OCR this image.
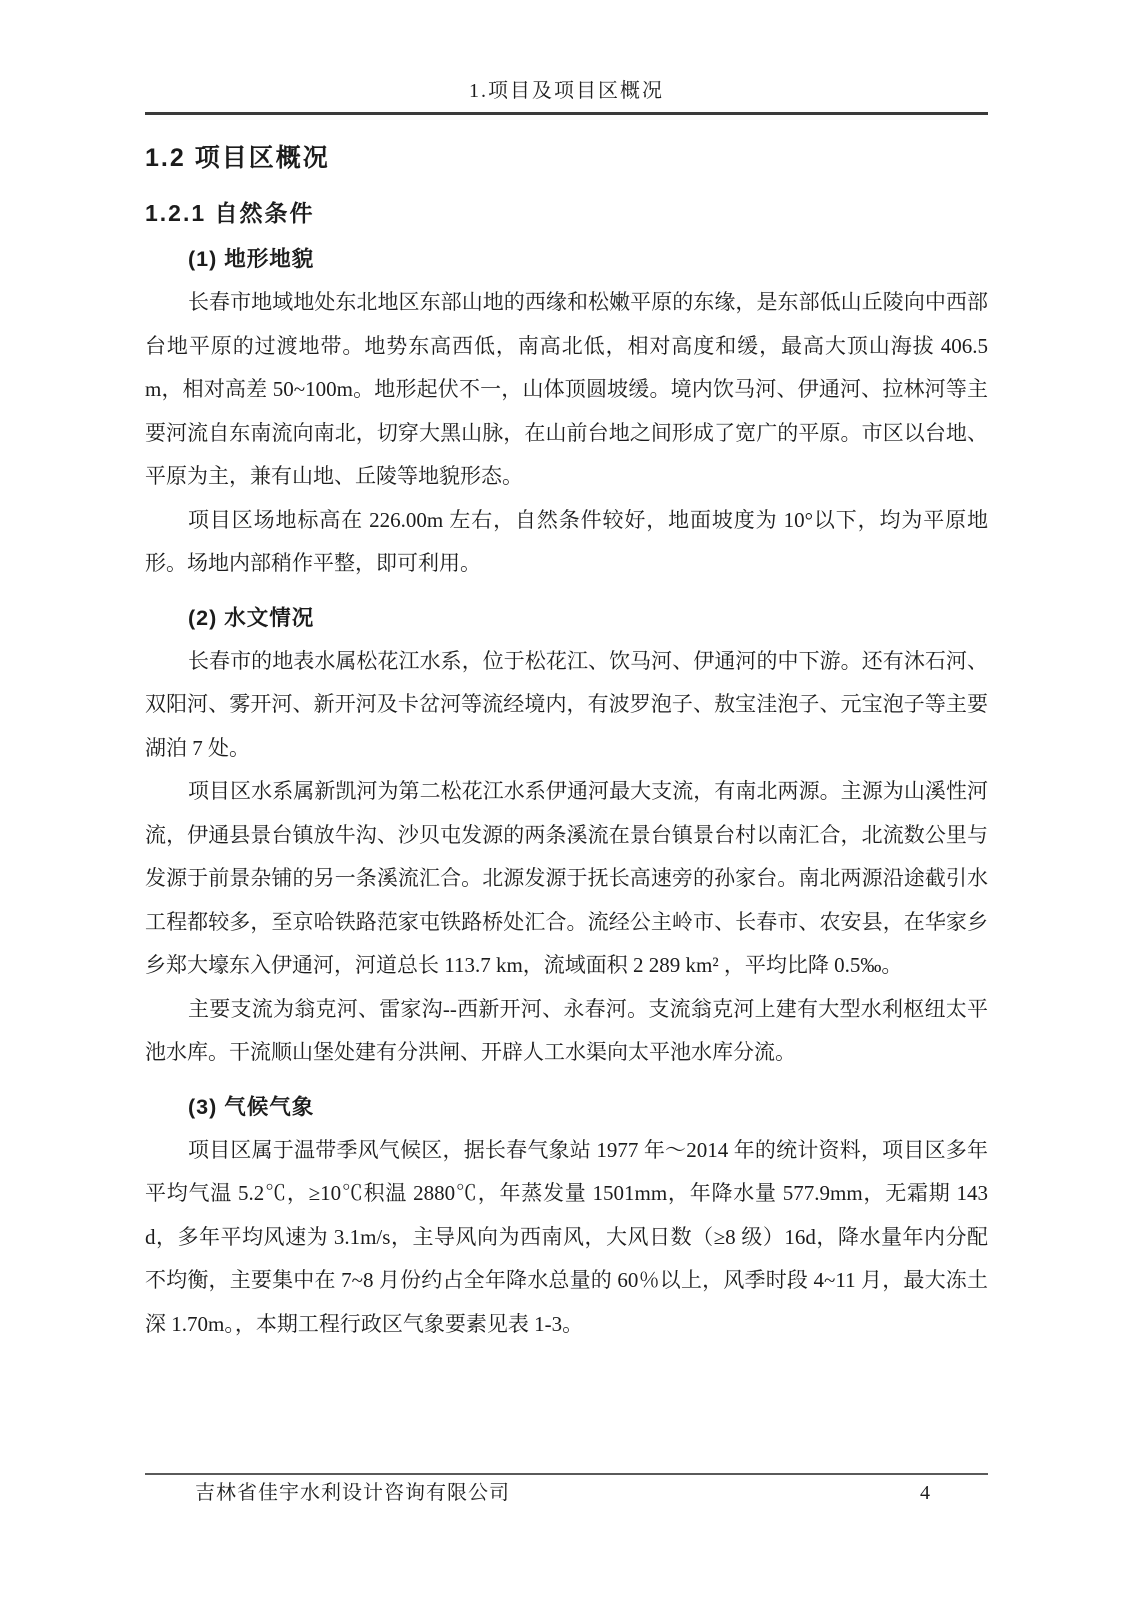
1.项目及项目区概况
1.2 项目区概况
1.2.1 自然条件
(1) 地形地貌

长春市地域地处东北地区东部山地的西缘和松嫩平原的东缘，是东部低山丘陵向中西部台地平原的过渡地带。地势东高西低，南高北低，相对高度和缓，最高大顶山海拔 406.5m，相对高差 50~100m。地形起伏不一，山体顶圆坡缓。境内饮马河、伊通河、拉林河等主要河流自东南流向南北，切穿大黑山脉，在山前台地之间形成了宽广的平原。市区以台地、平原为主，兼有山地、丘陵等地貌形态。

项目区场地标高在 226.00m 左右，自然条件较好，地面坡度为 10°以下，均为平原地形。场地内部稍作平整，即可利用。

(2) 水文情况

长春市的地表水属松花江水系，位于松花江、饮马河、伊通河的中下游。还有沐石河、双阳河、雾开河、新开河及卡岔河等流经境内，有波罗泡子、敖宝洼泡子、元宝泡子等主要湖泊 7 处。

项目区水系属新凯河为第二松花江水系伊通河最大支流，有南北两源。主源为山溪性河流，伊通县景台镇放牛沟、沙贝屯发源的两条溪流在景台镇景台村以南汇合，北流数公里与发源于前景杂铺的另一条溪流汇合。北源发源于抚长高速旁的孙家台。南北两源沿途截引水工程都较多，至京哈铁路范家屯铁路桥处汇合。流经公主岭市、长春市、农安县，在华家乡乡郑大壕东入伊通河，河道总长 113.7 km，流域面积 2 289 km² ，平均比降 0.5‰。

主要支流为翁克河、雷家沟--西新开河、永春河。支流翁克河上建有大型水利枢纽太平池水库。干流顺山堡处建有分洪闸、开辟人工水渠向太平池水库分流。

(3) 气候气象

项目区属于温带季风气候区，据长春气象站 1977 年～2014 年的统计资料，项目区多年平均气温 5.2℃，≥10℃积温 2880℃，年蒸发量 1501mm，年降水量 577.9mm，无霜期 143d，多年平均风速为 3.1m/s，主导风向为西南风，大风日数（≥8 级）16d，降水量年内分配不均衡，主要集中在 7~8 月份约占全年降水总量的 60％以上，风季时段 4~11 月，最大冻土深 1.70m。，本期工程行政区气象要素见表 1-3。

吉林省佳宇水利设计咨询有限公司	4
